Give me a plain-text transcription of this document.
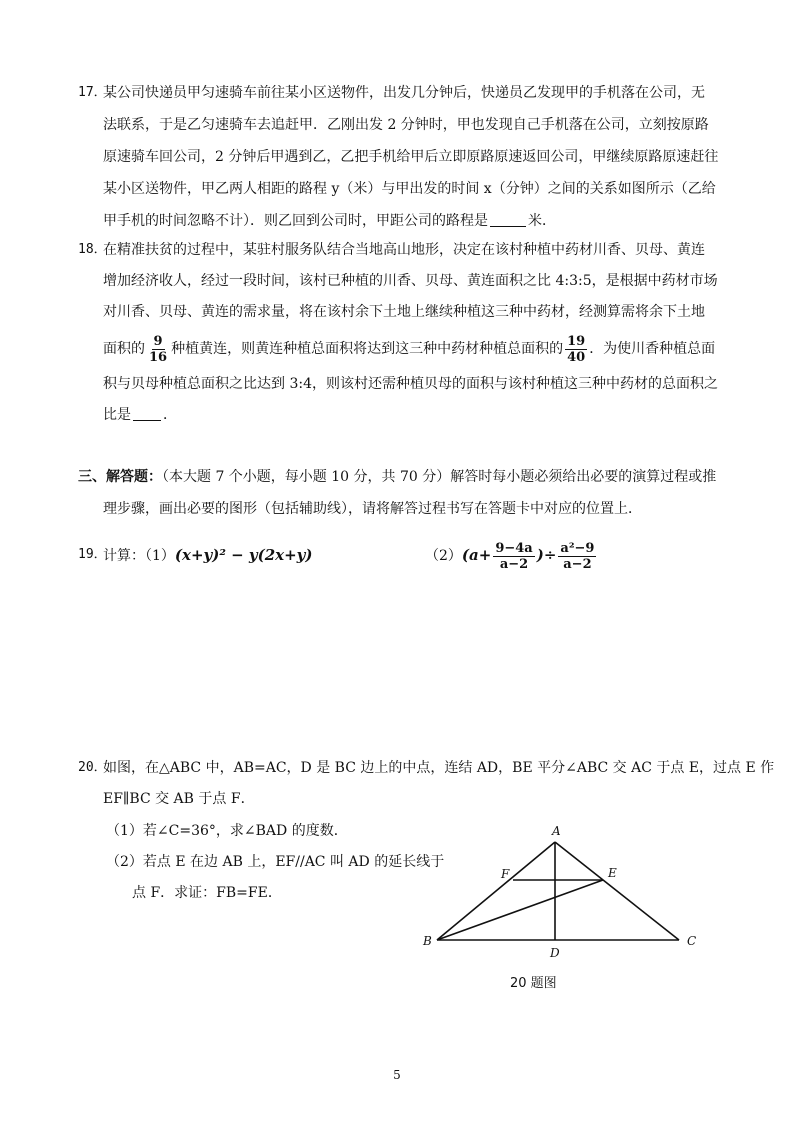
17．
某公司快递员甲匀速骑车前往某小区送物件，出发几分钟后，快递员乙发现甲的手机落在公司，无
法联系，于是乙匀速骑车去追赶甲．乙刚出发 2 分钟时，甲也发现自己手机落在公司，立刻按原路
原速骑车回公司，2 分钟后甲遇到乙，乙把手机给甲后立即原路原速返回公司，甲继续原路原速赶往
某小区送物件，甲乙两人相距的路程 y（米）与甲出发的时间 x（分钟）之间的关系如图所示（乙给
甲手机的时间忽略不计）．则乙回到公司时，甲距公司的路程是	米．
18．
在精准扶贫的过程中，某驻村服务队结合当地高山地形，决定在该村种植中药材川香、贝母、黄连
增加经济收人，经过一段时间，该村已种植的川香、贝母、黄连面积之比 4:3:5，是根据中药材市场
对川香、贝母、黄连的需求量，将在该村余下土地上继续种植这三种中药材，经测算需将余下土地
面积的 $\frac{9}{16}$ 种植黄连，则黄连种植总面积将达到这三种中药材种植总面积的 $\frac{19}{40}$ ．为使川香种植总面
积与贝母种植总面积之比达到 3:4，则该村还需种植贝母的面积与该村种植这三种中药材的总面积之
比是 ．
三、解答题：（本大题 7 个小题，每小题 10 分，共 70 分）解答时每小题必须给出必要的演算过程或推
理步骤，画出必要的图形（包括辅助线），请将解答过程书写在答题卡中对应的位置上．
19．
计算：（1）(x+y)² − y(2x+y)	$(2)(a+ \frac{9-4a}{a-2}$ )÷ $\frac{\text{a²−9}}{a-2}$
20．
如图，在△ABC 中，AB=AC，D 是 BC 边上的中点，连结 AD，BE 平分∠ABC 交 AC 于点 E，过点 E 作
EF∥BC 交 AB 于点 F．
（1）若∠C=36°，求∠BAD 的度数．
（2）若点 E 在边 AB 上，EF//AC 叫 AD 的延长线于
点 F．求证：FB=FE．
A
B	C
D
E
F
20 题图
5
